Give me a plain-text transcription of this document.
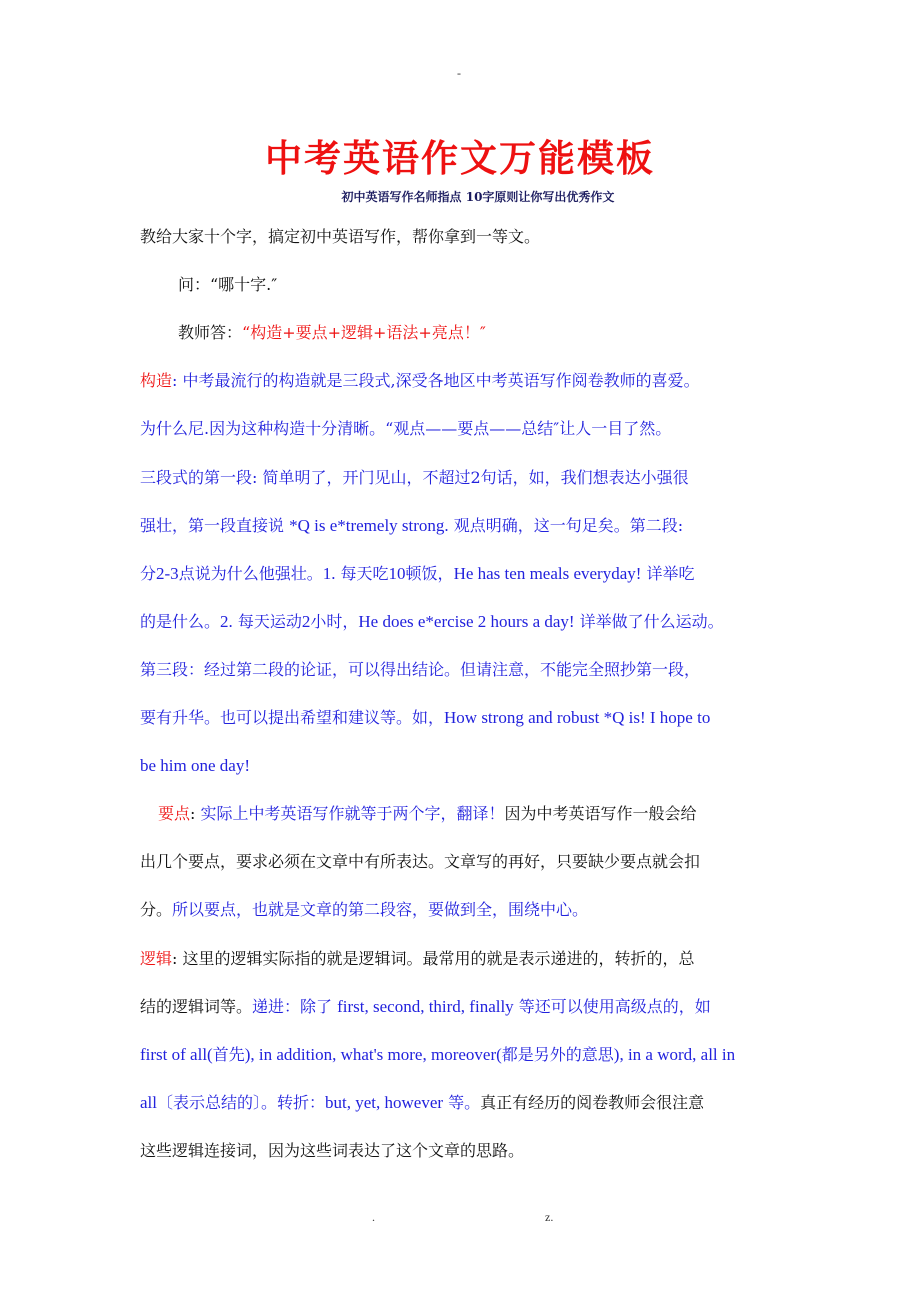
-
中考英语作文万能模板
初中英语写作名师指点 10字原则让你写出优秀作文
教给大家十个字，搞定初中英语写作，帮你拿到一等文。
问：“哪十字.″
教师答：“构造+要点+逻辑+语法+亮点！″
构造: 中考最流行的构造就是三段式,深受各地区中考英语写作阅卷教师的喜爱。
为什么尼.因为这种构造十分清晰。“观点——要点——总结″让人一目了然。
三段式的第一段: 简单明了，开门见山，不超过2句话，如，我们想表达小强很
强壮，第一段直接说 *Q is e*tremely strong. 观点明确，这一句足矣。第二段:
分2-3点说为什么他强壮。1. 每天吃10顿饭，He has ten meals everyday! 详举吃
的是什么。2. 每天运动2小时，He does e*ercise 2 hours a day! 详举做了什么运动。
第三段：经过第二段的论证，可以得出结论。但请注意，不能完全照抄第一段，
要有升华。也可以提出希望和建议等。如，How strong and robust *Q is! I hope to
be him one day!
要点: 实际上中考英语写作就等于两个字，翻译！因为中考英语写作一般会给
出几个要点，要求必须在文章中有所表达。文章写的再好，只要缺少要点就会扣
分。所以要点，也就是文章的第二段容，要做到全，围绕中心。
逻辑: 这里的逻辑实际指的就是逻辑词。最常用的就是表示递进的，转折的，总
结的逻辑词等。递进：除了 first, second, third, finally 等还可以使用高级点的，如
first of all(首先), in addition, what's more, moreover(都是另外的意思), in a word, all in
all〔表示总结的〕。转折：but, yet, however 等。真正有经历的阅卷教师会很注意
这些逻辑连接词，因为这些词表达了这个文章的思路。
.	z.
